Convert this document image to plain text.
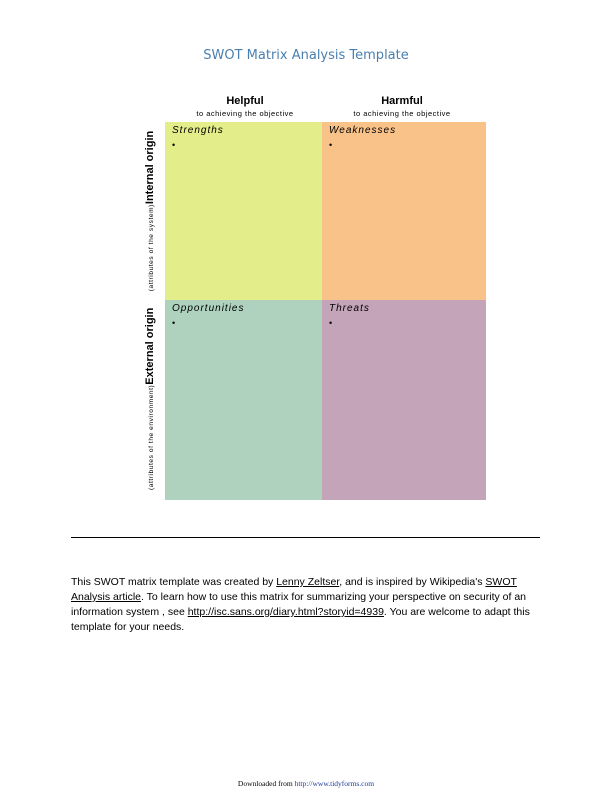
SWOT Matrix Analysis Template
Helpful
to achieving the objective
Harmful
to achieving the objective
(attributes of the system)Internal origin
(attributes of the environment)External origin
Strengths
•
Weaknesses
•
Opportunities
•
Threats
•
This SWOT matrix template was created by Lenny Zeltser, and is inspired by Wikipedia's SWOT Analysis article. To learn how to use this matrix for summarizing your perspective on security of an information system , see http://isc.sans.org/diary.html?storyid=4939. You are welcome to adapt this template for your needs.
Downloaded from http://www.tidyforms.com
